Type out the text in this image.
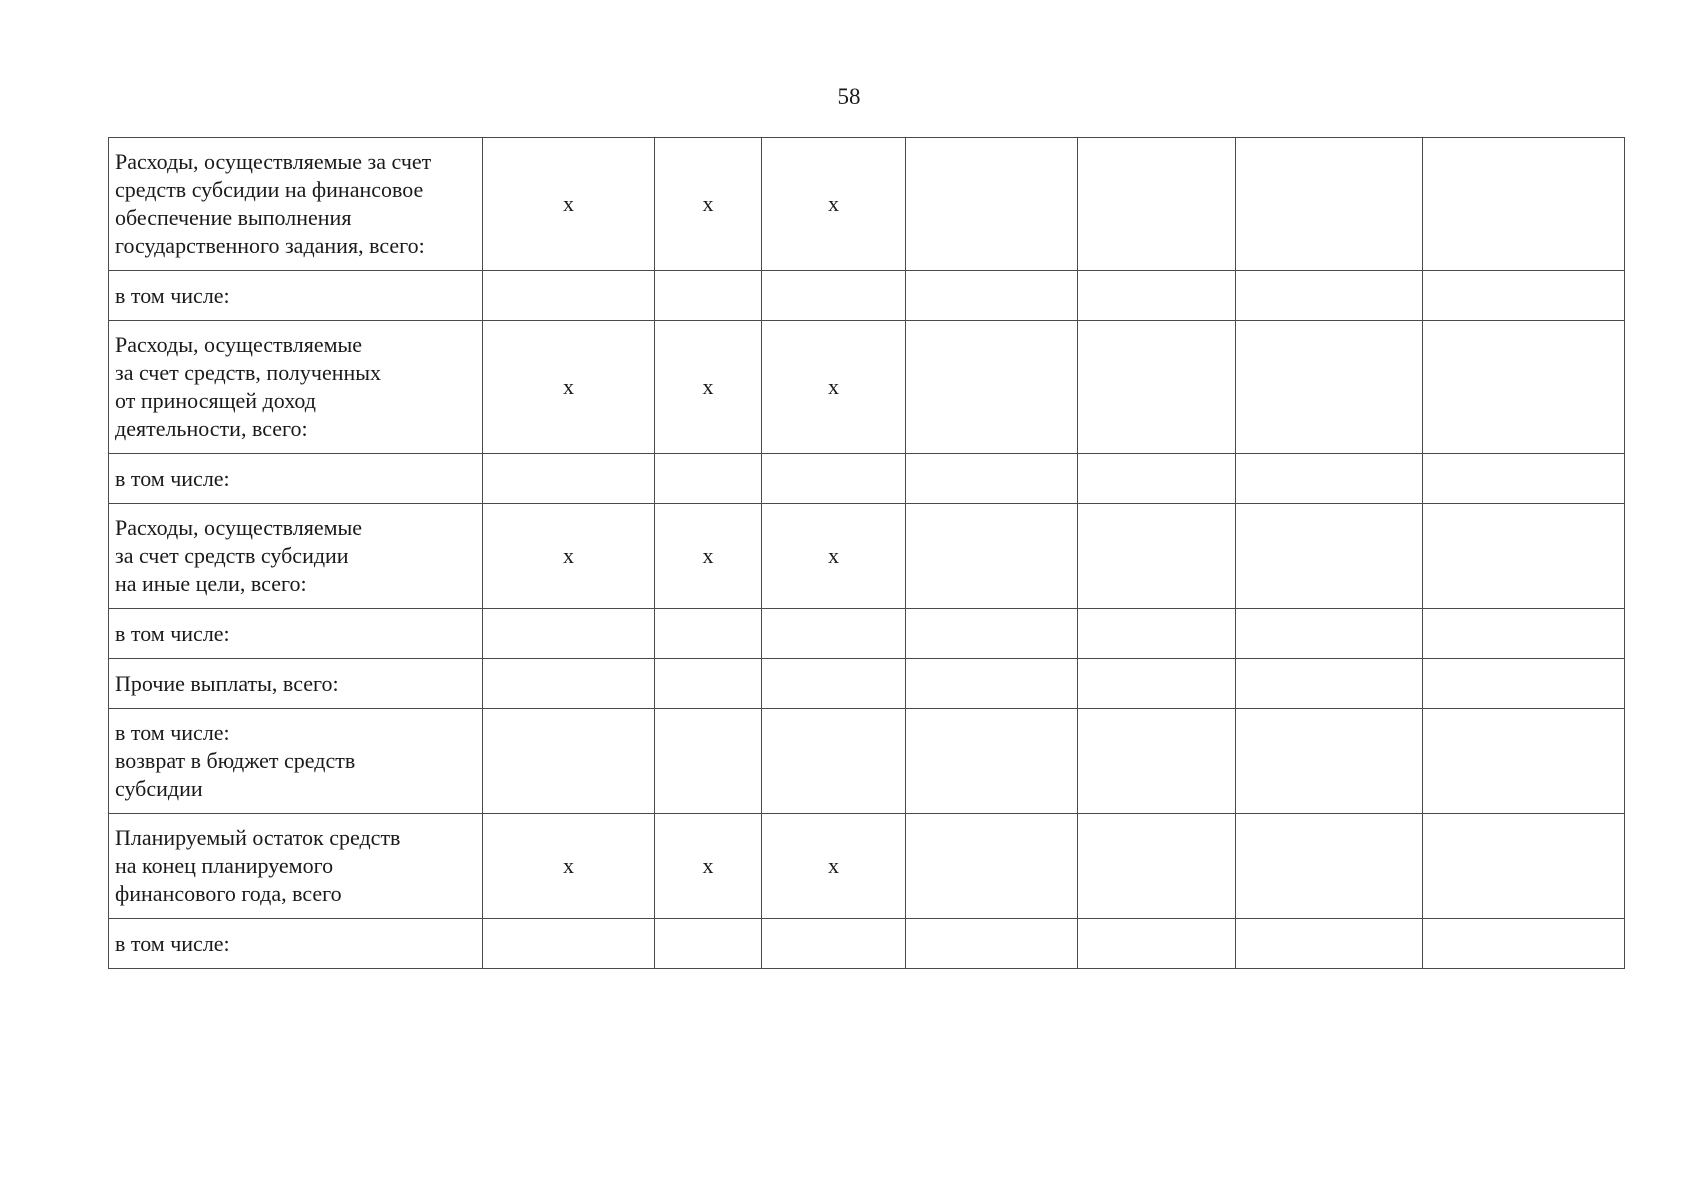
58
Расходы, осуществляемые за счет
средств субсидии на финансовое
обеспечение выполнения
государственного задания, всего:	x	x	x				

в том числе:							

Расходы, осуществляемые
за счет средств, полученных
от приносящей доход
деятельности, всего:	x	x	x				

в том числе:							

Расходы, осуществляемые
за счет средств субсидии
на иные цели, всего:	x	x	x				

в том числе:							

Прочие выплаты, всего:							

в том числе:
возврат в бюджет средств
субсидии							

Планируемый остаток средств
на конец планируемого
финансового года, всего	x	x	x				

в том числе:							
